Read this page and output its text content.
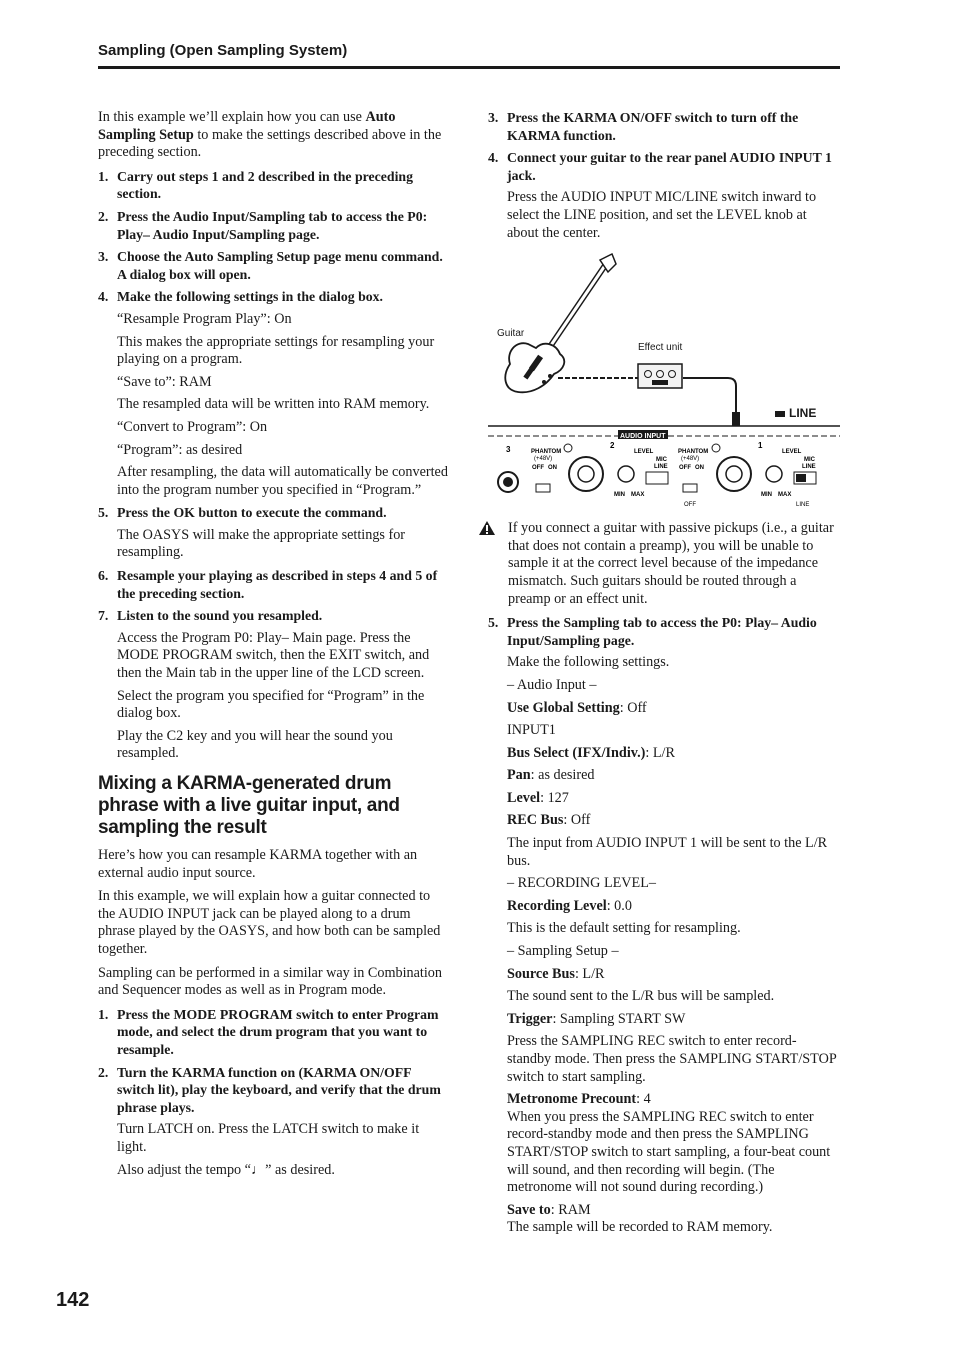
Sampling (Open Sampling System)

In this example we’ll explain how you can use Auto Sampling Setup to make the settings described above in the preceding section.

1. Carry out steps 1 and 2 described in the preceding section.
2. Press the Audio Input/Sampling tab to access the P0: Play– Audio Input/Sampling page.
3. Choose the Auto Sampling Setup page menu command. A dialog box will open.
4. Make the following settings in the dialog box.

“Resample Program Play”: On

This makes the appropriate settings for resampling your playing on a program.

“Save to”: RAM

The resampled data will be written into RAM memory.

“Convert to Program”: On

“Program”: as desired

After resampling, the data will automatically be converted into the program number you specified in “Program.”

5. Press the OK button to execute the command.

The OASYS will make the appropriate settings for resampling.

6. Resample your playing as described in steps 4 and 5 of the preceding section.
7. Listen to the sound you resampled.

Access the Program P0: Play– Main page. Press the MODE PROGRAM switch, then the EXIT switch, and then the Main tab in the upper line of the LCD screen.

Select the program you specified for “Program” in the dialog box.

Play the C2 key and you will hear the sound you resampled.

Mixing a KARMA-generated drum phrase with a live guitar input, and sampling the result

Here’s how you can resample KARMA together with an external audio input source.

In this example, we will explain how a guitar connected to the AUDIO INPUT jack can be played along to a drum phrase played by the OASYS, and how both can be sampled together.

Sampling can be performed in a similar way in Combination and Sequencer modes as well as in Program mode.

1. Press the MODE PROGRAM switch to enter Program mode, and select the drum program that you want to resample.
2. Turn the KARMA function on (KARMA ON/OFF switch lit), play the keyboard, and verify that the drum phrase plays.

Turn LATCH on. Press the LATCH switch to make it light.

Also adjust the tempo “♩” as desired.

3. Press the KARMA ON/OFF switch to turn off the KARMA function.
4. Connect your guitar to the rear panel AUDIO INPUT 1 jack.

Press the AUDIO INPUT MIC/LINE switch inward to select the LINE position, and set the LEVEL knob at about the center.

Guitar
Effect unit
LINE
AUDIO INPUT
3	2	1
PHANTOM
(+48V)
OFF ON
LEVEL
MIN MAX
MIC
LINE
PHANTOM
(+48V)
OFF ON
OFF
LEVEL
MIN MAX
MIC
LINE
LINE
If you connect a guitar with passive pickups (i.e., a guitar that does not contain a preamp), you will be unable to sample it at the correct level because of the impedance mismatch. Such guitars should be routed through a preamp or an effect unit.
5. Press the Sampling tab to access the P0: Play– Audio Input/Sampling page.

Make the following settings.

– Audio Input –

Use Global Setting: Off

INPUT1

Bus Select (IFX/Indiv.): L/R

Pan: as desired

Level: 127

REC Bus: Off

The input from AUDIO INPUT 1 will be sent to the L/R bus.

– RECORDING LEVEL–

Recording Level: 0.0

This is the default setting for resampling.

– Sampling Setup –

Source Bus: L/R

The sound sent to the L/R bus will be sampled.

Trigger: Sampling START SW

Press the SAMPLING REC switch to enter record-standby mode. Then press the SAMPLING START/STOP switch to start sampling.

Metronome Precount: 4

When you press the SAMPLING REC switch to enter record-standby mode and then press the SAMPLING START/STOP switch to start sampling, a four-beat count will sound, and then recording will begin. (The metronome will not sound during recording.)

Save to: RAM

The sample will be recorded to RAM memory.

142
